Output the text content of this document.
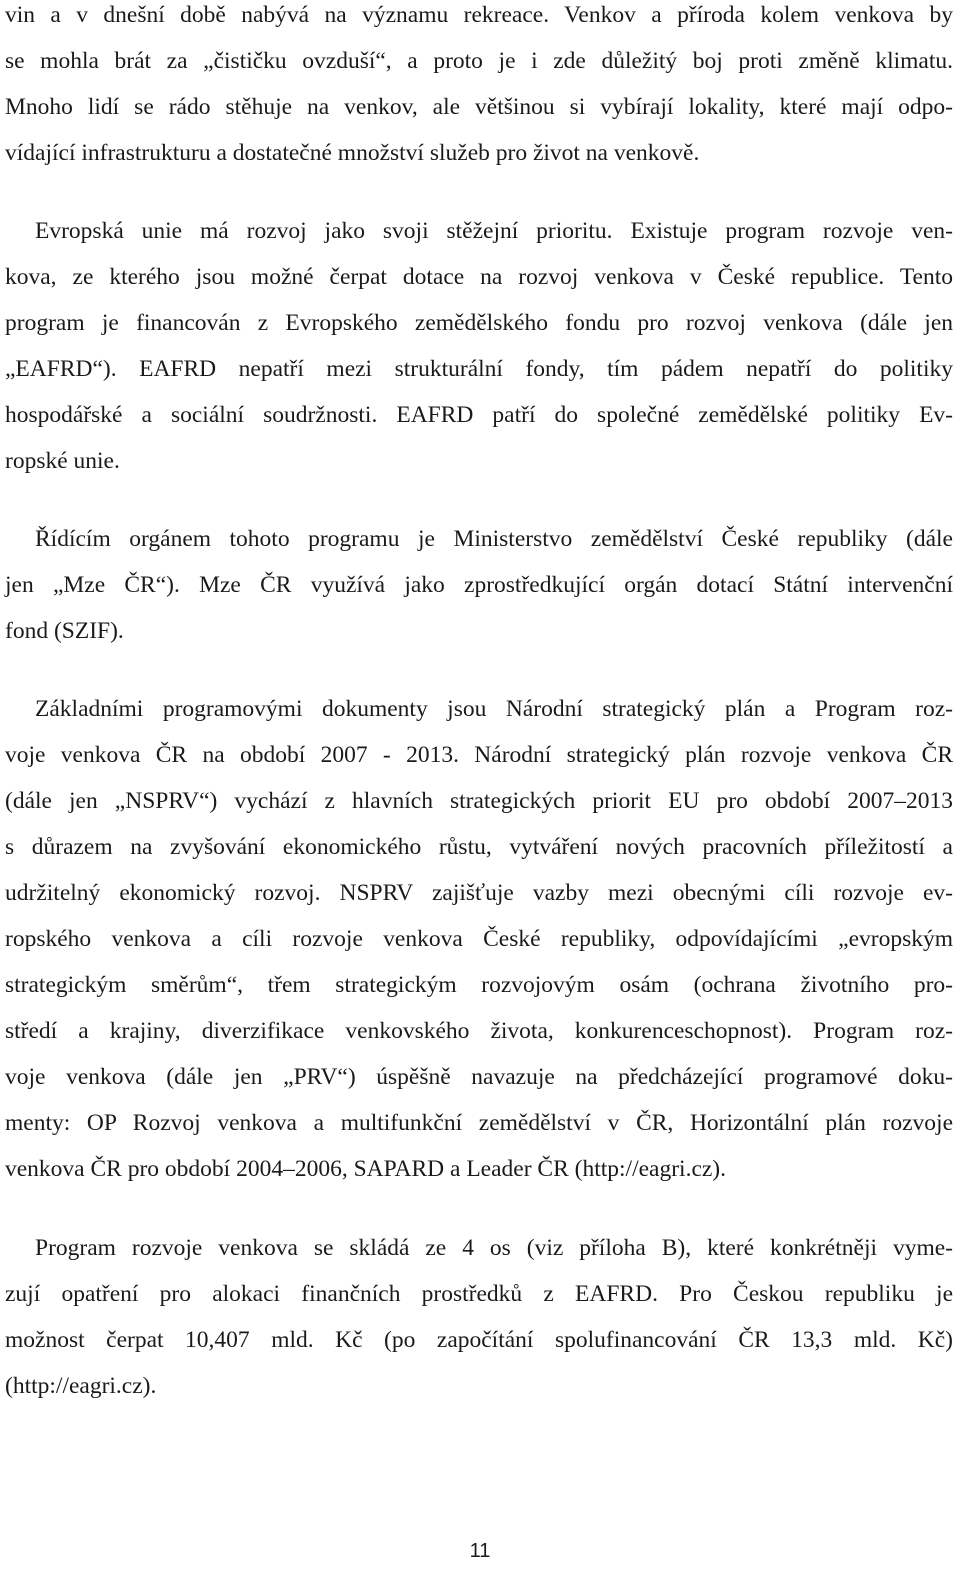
vin a v dnešní době nabývá na významu rekreace. Venkov a příroda kolem venkova by
se mohla brát za „čističku ovzduší“, a proto je i zde důležitý boj proti změně klimatu.
Mnoho lidí se rádo stěhuje na venkov, ale většinou si vybírají lokality, které mají odpo-
vídající infrastrukturu a dostatečné množství služeb pro život na venkově.
Evropská unie má rozvoj jako svoji stěžejní prioritu. Existuje program rozvoje ven-
kova, ze kterého jsou možné čerpat dotace na rozvoj venkova v České republice. Tento
program je financován z Evropského zemědělského fondu pro rozvoj venkova (dále jen
„EAFRD“). EAFRD nepatří mezi strukturální fondy, tím pádem nepatří do politiky
hospodářské a sociální soudržnosti. EAFRD patří do společné zemědělské politiky Ev-
ropské unie.
Řídícím orgánem tohoto programu je Ministerstvo zemědělství České republiky (dále
jen „Mze ČR“). Mze ČR využívá jako zprostředkující orgán dotací Státní intervenční
fond (SZIF).
Základními programovými dokumenty jsou Národní strategický plán a Program roz-
voje venkova ČR na období 2007 - 2013. Národní strategický plán rozvoje venkova ČR
(dále jen „NSPRV“) vychází z hlavních strategických priorit EU pro období 2007–2013
s důrazem na zvyšování ekonomického růstu, vytváření nových pracovních příležitostí a
udržitelný ekonomický rozvoj. NSPRV zajišťuje vazby mezi obecnými cíli rozvoje ev-
ropského venkova a cíli rozvoje venkova České republiky, odpovídajícími „evropským
strategickým směrům“, třem strategickým rozvojovým osám (ochrana životního pro-
středí a krajiny, diverzifikace venkovského života, konkurenceschopnost). Program roz-
voje venkova (dále jen „PRV“) úspěšně navazuje na předcházející programové doku-
menty: OP Rozvoj venkova a multifunkční zemědělství v ČR, Horizontální plán rozvoje
venkova ČR pro období 2004–2006, SAPARD a Leader ČR (http://eagri.cz).
Program rozvoje venkova se skládá ze 4 os (viz příloha B), které konkrétněji vyme-
zují opatření pro alokaci finančních prostředků z EAFRD. Pro Českou republiku je
možnost čerpat 10,407 mld. Kč (po započítání spolufinancování ČR 13,3 mld. Kč)
(http://eagri.cz).
11
